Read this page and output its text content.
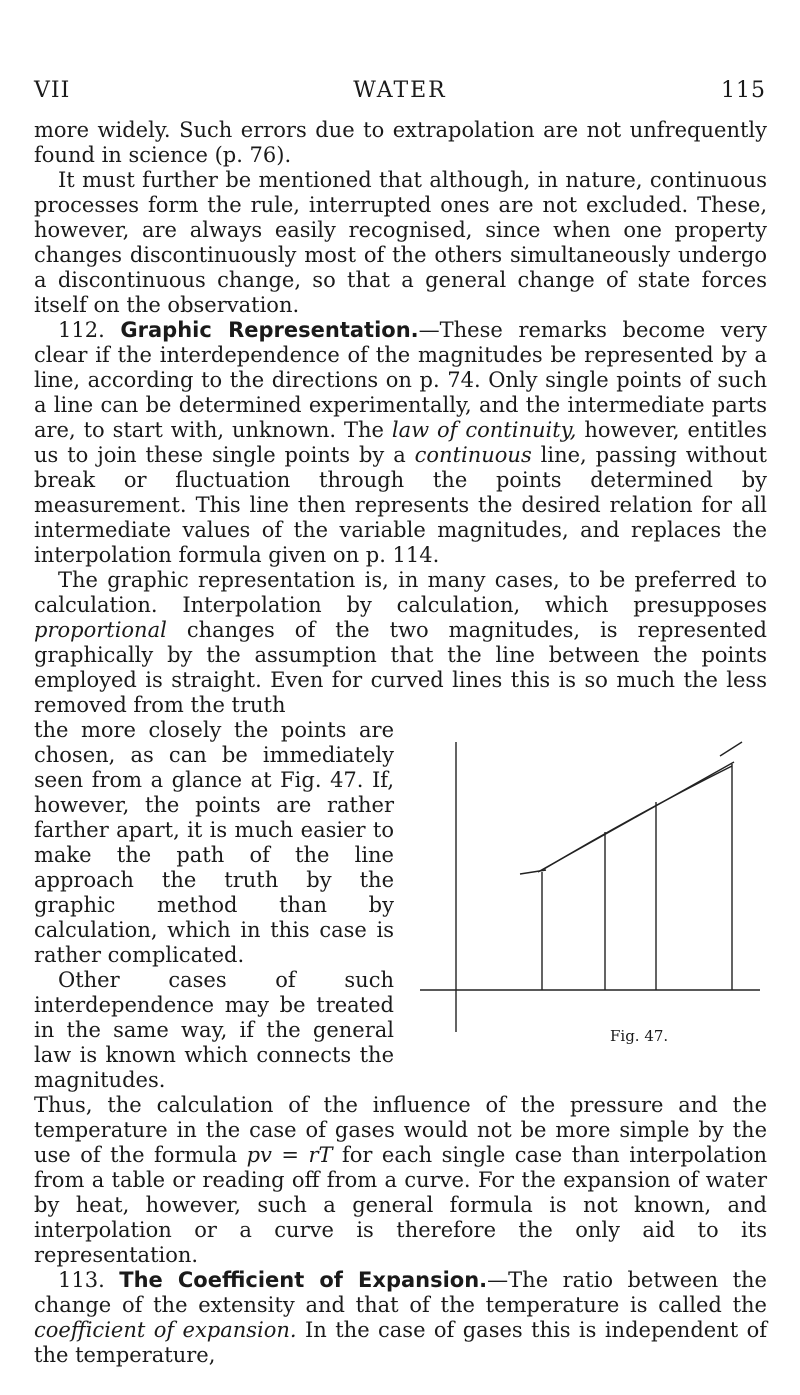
VII	WATER	115

more widely. Such errors due to extrapolation are not unfrequently found in science (p. 76).

It must further be mentioned that although, in nature, continuous processes form the rule, interrupted ones are not excluded. These, however, are always easily recognised, since when one property changes discontinuously most of the others simultaneously undergo a discontinuous change, so that a general change of state forces itself on the observation.

112. Graphic Representation.—These remarks become very clear if the interdependence of the magnitudes be represented by a line, according to the directions on p. 74. Only single points of such a line can be determined experimentally, and the intermediate parts are, to start with, unknown. The law of continuity, however, entitles us to join these single points by a continuous line, passing without break or fluctuation through the points determined by measurement. This line then represents the desired relation for all intermediate values of the variable magnitudes, and replaces the interpolation formula given on p. 114.

The graphic representation is, in many cases, to be preferred to calculation. Interpolation by calculation, which presupposes proportional changes of the two magnitudes, is represented graphically by the assumption that the line between the points employed is straight. Even for curved lines this is so much the less removed from the truth

the more closely the points are chosen, as can be immediately seen from a glance at Fig. 47. If, however, the points are rather farther apart, it is much easier to make the path of the line approach the truth by the graphic method than by calculation, which in this case is rather complicated.

Other cases of such interdependence may be treated in the same way, if the general law is known which connects the magnitudes.

Fig. 47.

Thus, the calculation of the influence of the pressure and the temperature in the case of gases would not be more simple by the use of the formula pv = rT for each single case than interpolation from a table or reading off from a curve. For the expansion of water by heat, however, such a general formula is not known, and interpolation or a curve is therefore the only aid to its representation.

113. The Coefficient of Expansion.—The ratio between the change of the extensity and that of the temperature is called the coefficient of expansion. In the case of gases this is independent of the temperature,
